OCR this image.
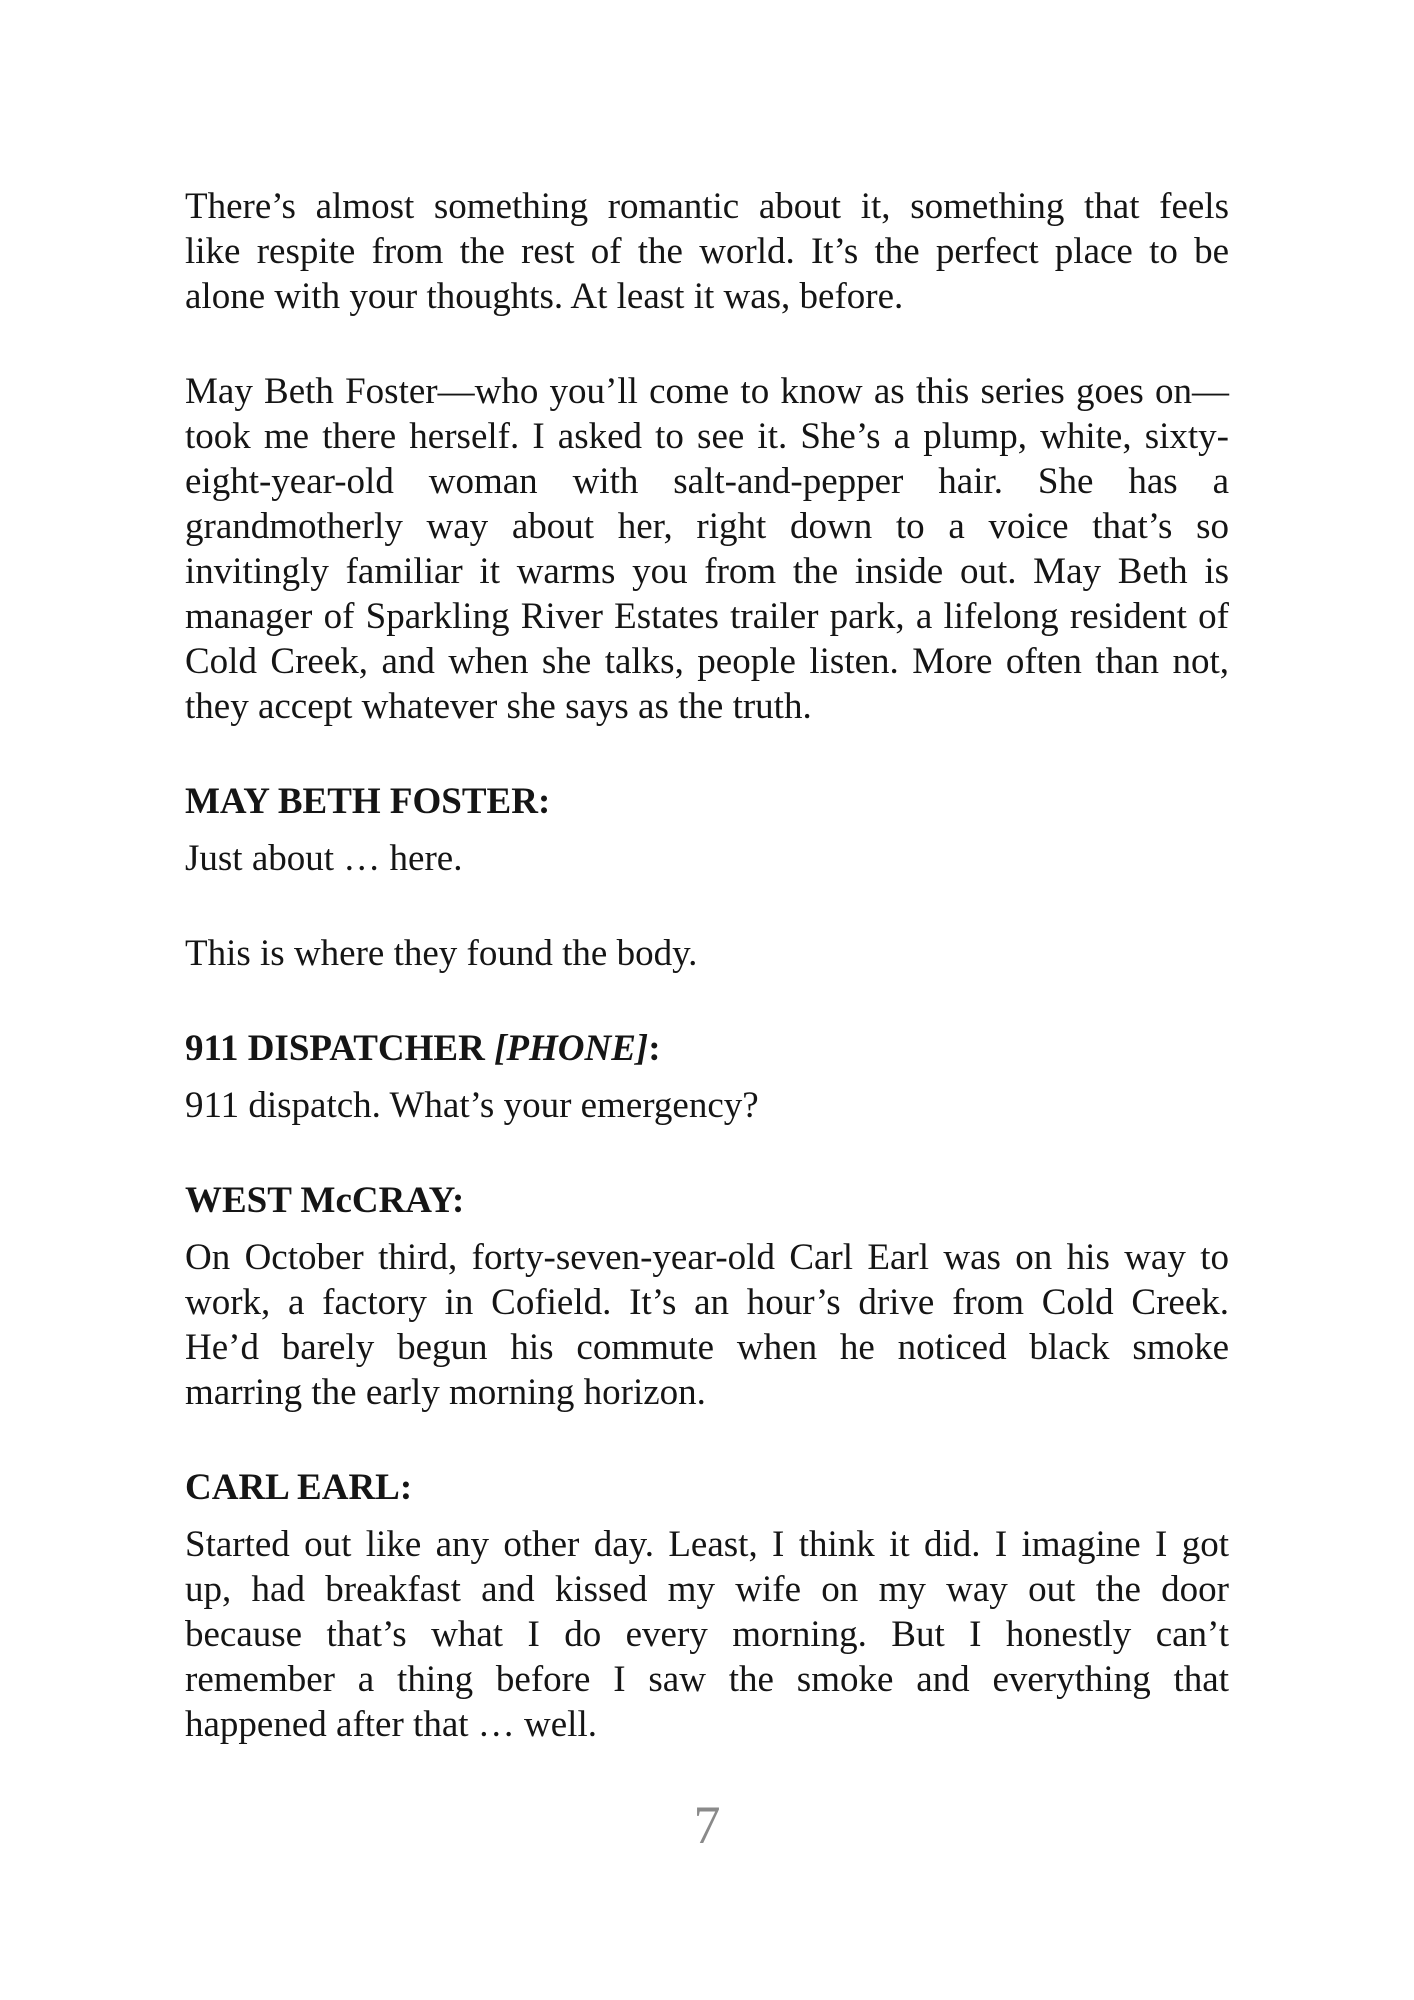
There’s almost something romantic about it, something that feels
like respite from the rest of the world. It’s the perfect place to be
alone with your thoughts. At least it was, before.

May Beth Foster—who you’ll come to know as this series goes on—
took me there herself. I asked to see it. She’s a plump, white, sixty-
eight-year-old woman with salt-and-pepper hair. She has a
grandmotherly way about her, right down to a voice that’s so
invitingly familiar it warms you from the inside out. May Beth is
manager of Sparkling River Estates trailer park, a lifelong resident of
Cold Creek, and when she talks, people listen. More often than not,
they accept whatever she says as the truth.

MAY BETH FOSTER:

Just about … here.

This is where they found the body.

911 DISPATCHER [PHONE]:

911 dispatch. What’s your emergency?

WEST McCRAY:

On October third, forty-seven-year-old Carl Earl was on his way to
work, a factory in Cofield. It’s an hour’s drive from Cold Creek.
He’d barely begun his commute when he noticed black smoke
marring the early morning horizon.

CARL EARL:

Started out like any other day. Least, I think it did. I imagine I got
up, had breakfast and kissed my wife on my way out the door
because that’s what I do every morning. But I honestly can’t
remember a thing before I saw the smoke and everything that
happened after that … well.

7
